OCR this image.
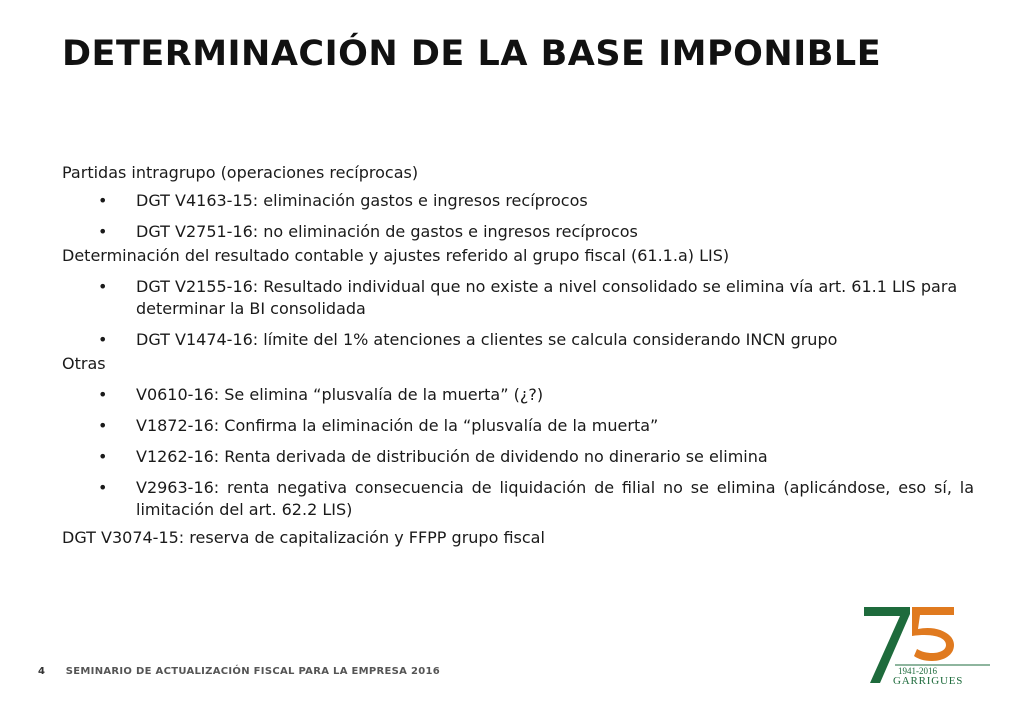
DETERMINACIÓN DE LA BASE IMPONIBLE

Partidas intragrupo (operaciones recíprocas)

• DGT V4163-15: eliminación gastos e ingresos recíprocos
• DGT V2751-16: no eliminación de gastos e ingresos recíprocos

Determinación del resultado contable y ajustes referido al grupo fiscal (61.1.a) LIS)

• DGT V2155-16: Resultado individual que no existe a nivel consolidado se elimina vía art. 61.1 LIS para determinar la BI consolidada
• DGT V1474-16: límite del 1% atenciones a clientes se calcula considerando INCN grupo

Otras

• V0610-16: Se elimina “plusvalía de la muerta” (¿?)
• V1872-16: Confirma la eliminación de la “plusvalía de la muerta”
• V1262-16: Renta derivada de distribución de dividendo no dinerario se elimina
• V2963-16: renta negativa consecuencia de liquidación de filial no se elimina (aplicándose, eso sí, la limitación del art. 62.2 LIS)

DGT V3074-15: reserva de capitalización y FFPP grupo fiscal

4 SEMINARIO DE ACTUALIZACIÓN FISCAL PARA LA EMPRESA 2016	1941-2016
GARRIGUES
